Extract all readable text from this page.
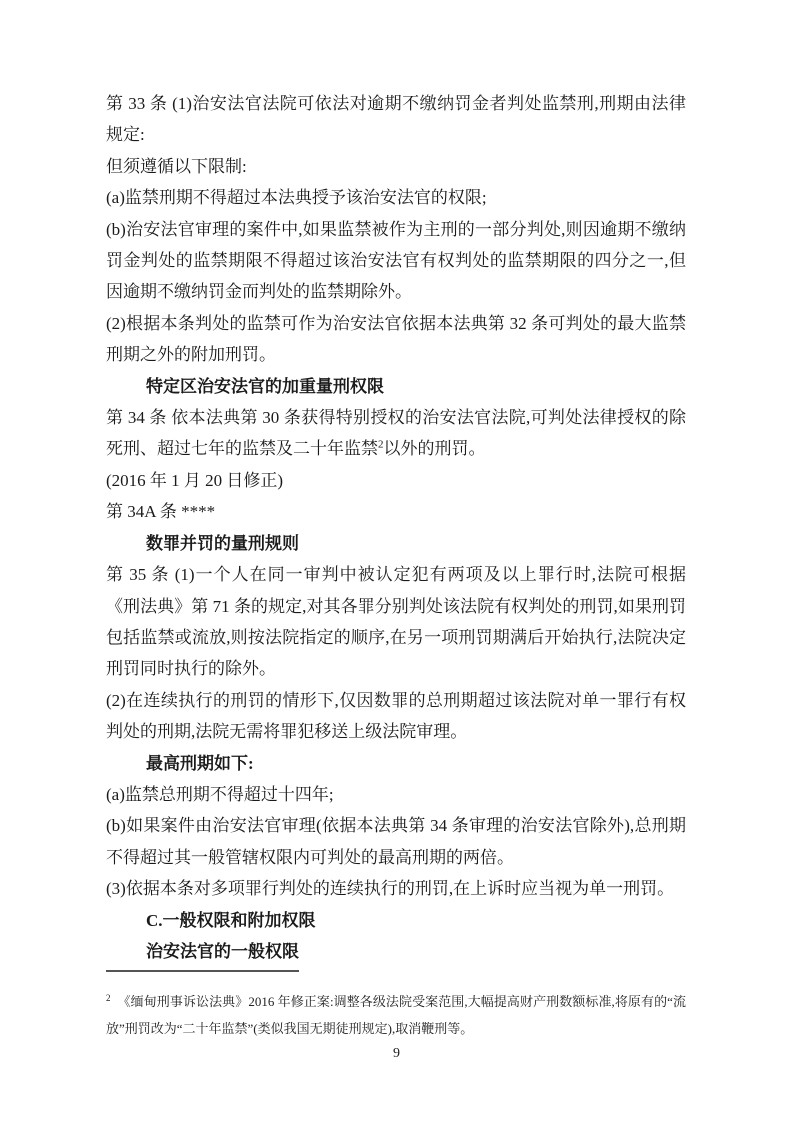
第 33 条 (1)治安法官法院可依法对逾期不缴纳罚金者判处监禁刑,刑期由法律规定:

但须遵循以下限制:

(a)监禁刑期不得超过本法典授予该治安法官的权限;

(b)治安法官审理的案件中,如果监禁被作为主刑的一部分判处,则因逾期不缴纳罚金判处的监禁期限不得超过该治安法官有权判处的监禁期限的四分之一,但因逾期不缴纳罚金而判处的监禁期除外。

(2)根据本条判处的监禁可作为治安法官依据本法典第 32 条可判处的最大监禁刑期之外的附加刑罚。

特定区治安法官的加重量刑权限

第 34 条 依本法典第 30 条获得特别授权的治安法官法院,可判处法律授权的除死刑、超过七年的监禁及二十年监禁$^2$以外的刑罚。

(2016 年 1 月 20 日修正)

第 34A 条 ****

数罪并罚的量刑规则

第 35 条 (1)一个人在同一审判中被认定犯有两项及以上罪行时,法院可根据《刑法典》第 71 条的规定,对其各罪分别判处该法院有权判处的刑罚,如果刑罚包括监禁或流放,则按法院指定的顺序,在另一项刑罚期满后开始执行,法院决定刑罚同时执行的除外。

(2)在连续执行的刑罚的情形下,仅因数罪的总刑期超过该法院对单一罪行有权判处的刑期,法院无需将罪犯移送上级法院审理。

最高刑期如下:

(a)监禁总刑期不得超过十四年;

(b)如果案件由治安法官审理(依据本法典第 34 条审理的治安法官除外),总刑期不得超过其一般管辖权限内可判处的最高刑期的两倍。

(3)依据本条对多项罪行判处的连续执行的刑罚,在上诉时应当视为单一刑罚。

C.一般权限和附加权限

治安法官的一般权限

$^2$ 《缅甸刑事诉讼法典》2016 年修正案:调整各级法院受案范围,大幅提高财产刑数额标准,将原有的“流放”刑罚改为“二十年监禁”(类似我国无期徒刑规定),取消鞭刑等。

9
